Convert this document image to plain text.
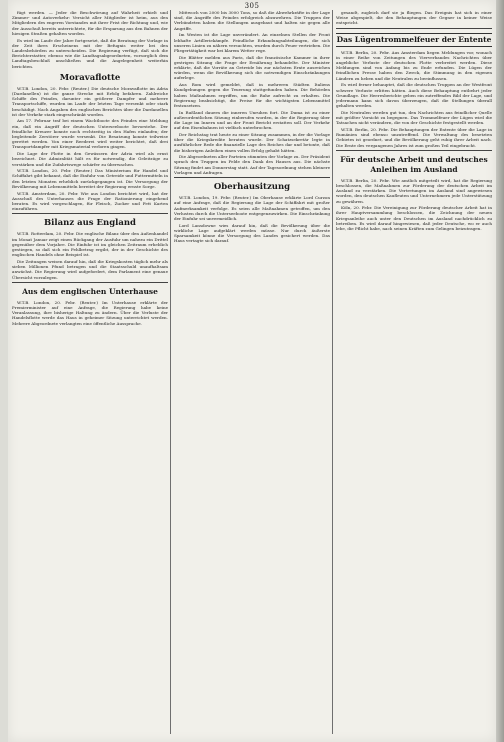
305

fügt werden. — Jeder die Beschwörung auf Wahrheit erhielt und Zimmer- und Autoverkehr: Versicht aller Mitglieder ist heim, aus den Mitgliedern des engeren Vorstandes mit ihrer Frist der Richtung und, wie der Ausschuß bereits unterrichtete, für die Ersparung aus den Bahnen der hiesigen Straßen gehalten worden.

Es wird im Laufe der Jahre fortgesetzt, daß die Beratung der Vorlage in der Zeit ihres Erscheinens mit der Befugnis weiter bei den Landesbehörden zu unterscheiden. Die Regierung verfügt, daß sich die Berichterstatter, ebenso wie die Landtagsabgeordneten, vorsorglich dem Landtagsbeschluß anschließen und die Angelegenheit weiterhin berichten.

Moravaflotte

W.T.B. London, 20. Febr. (Reuter.) Die deutsche Moravaflotte im Adria (Dardanellen) ist die ganze Strecke mit Erfolg befahren. Zahlreiche Schiffe des Feindes, darunter ein größerer Dampfer und mehrere Transportschiffe, wurden im Laufe der letzten Tage versenkt oder stark beschädigt. Nach Angaben des englischen Berichtes über die Dardanellen ist der Verkehr stark eingeschränkt worden.

Am 17. Februar traf bei einem Wachtboote des Feindes eine Meldung ein, daß ein Angriff der deutschen Unterseeboote bevorstehe. Der feindliche Kreuzer konnte noch rechtzeitig in den Hafen einlaufen; der begleitende Zerstörer wurde versenkt. Die Besatzung konnte teilweise gerettet werden. Von einer Reederei wird weiter berichtet, daß drei Transportdampfer mit Kriegsmaterial verloren gingen.

Die Lage der Flotte in den Gewässern der Adria wird als ernst bezeichnet. Die Admiralität hält es für notwendig, die Geleitzüge zu verstärken und die Zufahrtswege schärfer zu überwachen.

W.T.B. London, 20. Febr. (Reuter.) Das Ministerium für Handel und Schiffahrt gibt bekannt, daß die Einfuhr von Getreide und Futtermitteln in den letzten Monaten erheblich zurückgegangen ist. Die Versorgung der Bevölkerung mit Lebensmitteln bereitet der Regierung ernste Sorge.

W.T.B. Amsterdam, 20. Febr. Wie aus London berichtet wird, hat der Ausschuß des Unterhauses die Frage der Rationierung eingehend beraten. Es wird vorgeschlagen, für Fleisch, Zucker und Fett Karten einzuführen.

Bilanz aus England

W.T.B. Rotterdam, 20. Febr. Die englische Bilanz über den Außenhandel im Monat Januar zeigt einen Rückgang der Ausfuhr um nahezu ein Drittel gegenüber dem Vorjahre. Die Einfuhr ist im gleichen Zeitraum erheblich gestiegen, so daß sich ein Fehlbetrag ergibt, der in der Geschichte des englischen Handels ohne Beispiel ist.

Die Zeitungen weisen darauf hin, daß die Kriegskosten täglich mehr als sieben Millionen Pfund betragen und die Staatsschuld unaufhaltsam anwächst. Die Regierung wird aufgefordert, dem Parlament eine genaue Übersicht vorzulegen.

Aus dem englischen Unterhause

W.T.B. London, 20. Febr. (Reuter.) Im Unterhause erklärte der Premierminister auf eine Anfrage, die Regierung habe keine Veranlassung, ihre bisherige Haltung zu ändern. Über die Verluste der Handelsflotte werde das Haus in geheimer Sitzung unterrichtet werden. Mehrere Abgeordnete verlangten eine öffentliche Aussprache.

Mittwoch von 2000 bis 3000 Tons, so daß die Abwehrkräfte in der Lage sind, die Angriffe des Feindes erfolgreich abzuwehren. Die Truppen der Verbündeten haben die Stellungen ausgebaut und halten sie gegen alle Angriffe.

Im Westen ist die Lage unverändert. An einzelnen Stellen der Front lebhafte Artilleriekämpfe. Feindliche Erkundungsabteilungen, die sich unseren Linien zu nähern versuchten, wurden durch Feuer vertrieben. Die Fliegertätigkeit war bei klarem Wetter rege.

Die Blätter melden aus Paris, daß die französische Kammer in ihrer gestrigen Sitzung die Frage der Ernährung behandelte. Der Minister erklärte, daß die Vorräte an Getreide bis zur nächsten Ernte ausreichen würden, wenn die Bevölkerung sich die notwendigen Einschränkungen auferlege.

Aus Rom wird gemeldet, daß in mehreren Städten Italiens Kundgebungen gegen die Teuerung stattgefunden haben. Die Behörden haben Maßnahmen ergriffen, um die Ruhe aufrecht zu erhalten. Die Regierung beabsichtigt, die Preise für die wichtigsten Lebensmittel festzusetzen.

In Rußland dauern die inneren Unruhen fort. Die Duma ist zu einer außerordentlichen Sitzung einberufen worden, in der die Regierung über die Lage im Innern und an der Front Bericht erstatten soll. Der Verkehr auf den Eisenbahnen ist vielfach unterbrochen.

Der Reichstag trat heute zu einer Sitzung zusammen, in der die Vorlage über die Kriegskredite beraten wurde. Der Schatzsekretär legte in ausführlicher Rede die finanzielle Lage des Reiches dar und betonte, daß die bisherigen Anleihen einen vollen Erfolg gehabt hätten.

Die Abgeordneten aller Parteien stimmten der Vorlage zu. Der Präsident sprach den Truppen im Felde den Dank des Hauses aus. Die nächste Sitzung findet am Donnerstag statt. Auf der Tagesordnung stehen kleinere Vorlagen und Anfragen.

Oberhausitzung

W.T.B. London, 19. Febr. (Reuter.) Im Oberhause erklärte Lord Curzon auf eine Anfrage, daß die Regierung die Lage der Schiffahrt mit großer Aufmerksamkeit verfolge. Es seien alle Maßnahmen getroffen, um den Verlusten durch die Unterseeboote entgegenzuwirken. Die Einschränkung der Einfuhr sei unvermeidlich.

Lord Lansdowne wies darauf hin, daß die Bevölkerung über die wirkliche Lage aufgeklärt werden müsse. Nur durch äußerste Sparsamkeit könne die Versorgung des Landes gesichert werden. Das Haus vertagte sich darauf.

gesandt, zugleich darf sie ja fliegen. Das Ereignis hat sich in einer Weise abgespielt, die den Behauptungen der Gegner in keiner Weise entspricht.

Das Lügentrommelfeuer der Entente

W.T.B. Berlin, 20. Febr. Aus Amsterdam liegen Meldungen vor, wonach in einer Reihe von Zeitungen des Vierverbandes Nachrichten über angebliche Verluste der deutschen Flotte verbreitet werden. Diese Meldungen sind von Anfang bis zu Ende erfunden. Die Lügen der feindlichen Presse haben den Zweck, die Stimmung in den eigenen Ländern zu heben und die Neutralen zu beeinflussen.

Es wird ferner behauptet, daß die deutschen Truppen an der Westfront schwere Verluste erlitten hätten. Auch diese Behauptung entbehrt jeder Grundlage. Die Heeresberichte geben ein zutreffendes Bild der Lage, und jedermann kann sich davon überzeugen, daß die Stellungen überall gehalten werden.

Die Neutralen werden gut tun, den Nachrichten aus feindlicher Quelle mit größter Vorsicht zu begegnen. Das Trommelfeuer der Lügen wird die Tatsachen nicht verändern, die von der Geschichte festgestellt werden.

W.T.B. Berlin, 20. Febr. Die Behauptungen der Entente über die Lage in Rumänien sind ebenso unzutreffend. Die Verwaltung des besetzten Gebietes ist geordnet, und die Bevölkerung geht ruhig ihrer Arbeit nach. Die Ernte des vergangenen Jahres ist zum großen Teil eingebracht.

Für deutsche Arbeit und deutsches Anleihen im Ausland

W.T.B. Berlin, 20. Febr. Wie amtlich mitgeteilt wird, hat die Regierung beschlossen, die Maßnahmen zur Förderung der deutschen Arbeit im Ausland zu verstärken. Die Vertretungen im Ausland sind angewiesen worden, den deutschen Kaufleuten und Unternehmern jede Unterstützung zu gewähren.

Köln, 20. Febr. Die Vereinigung zur Förderung deutscher Arbeit hat in ihrer Hauptversammlung beschlossen, die Zeichnung der neuen Kriegsanleihe auch unter den Deutschen im Ausland nachdrücklich zu betreiben. Es wird darauf hingewiesen, daß jeder Deutsche, wo er auch lebe, die Pflicht habe, nach seinen Kräften zum Gelingen beizutragen.
